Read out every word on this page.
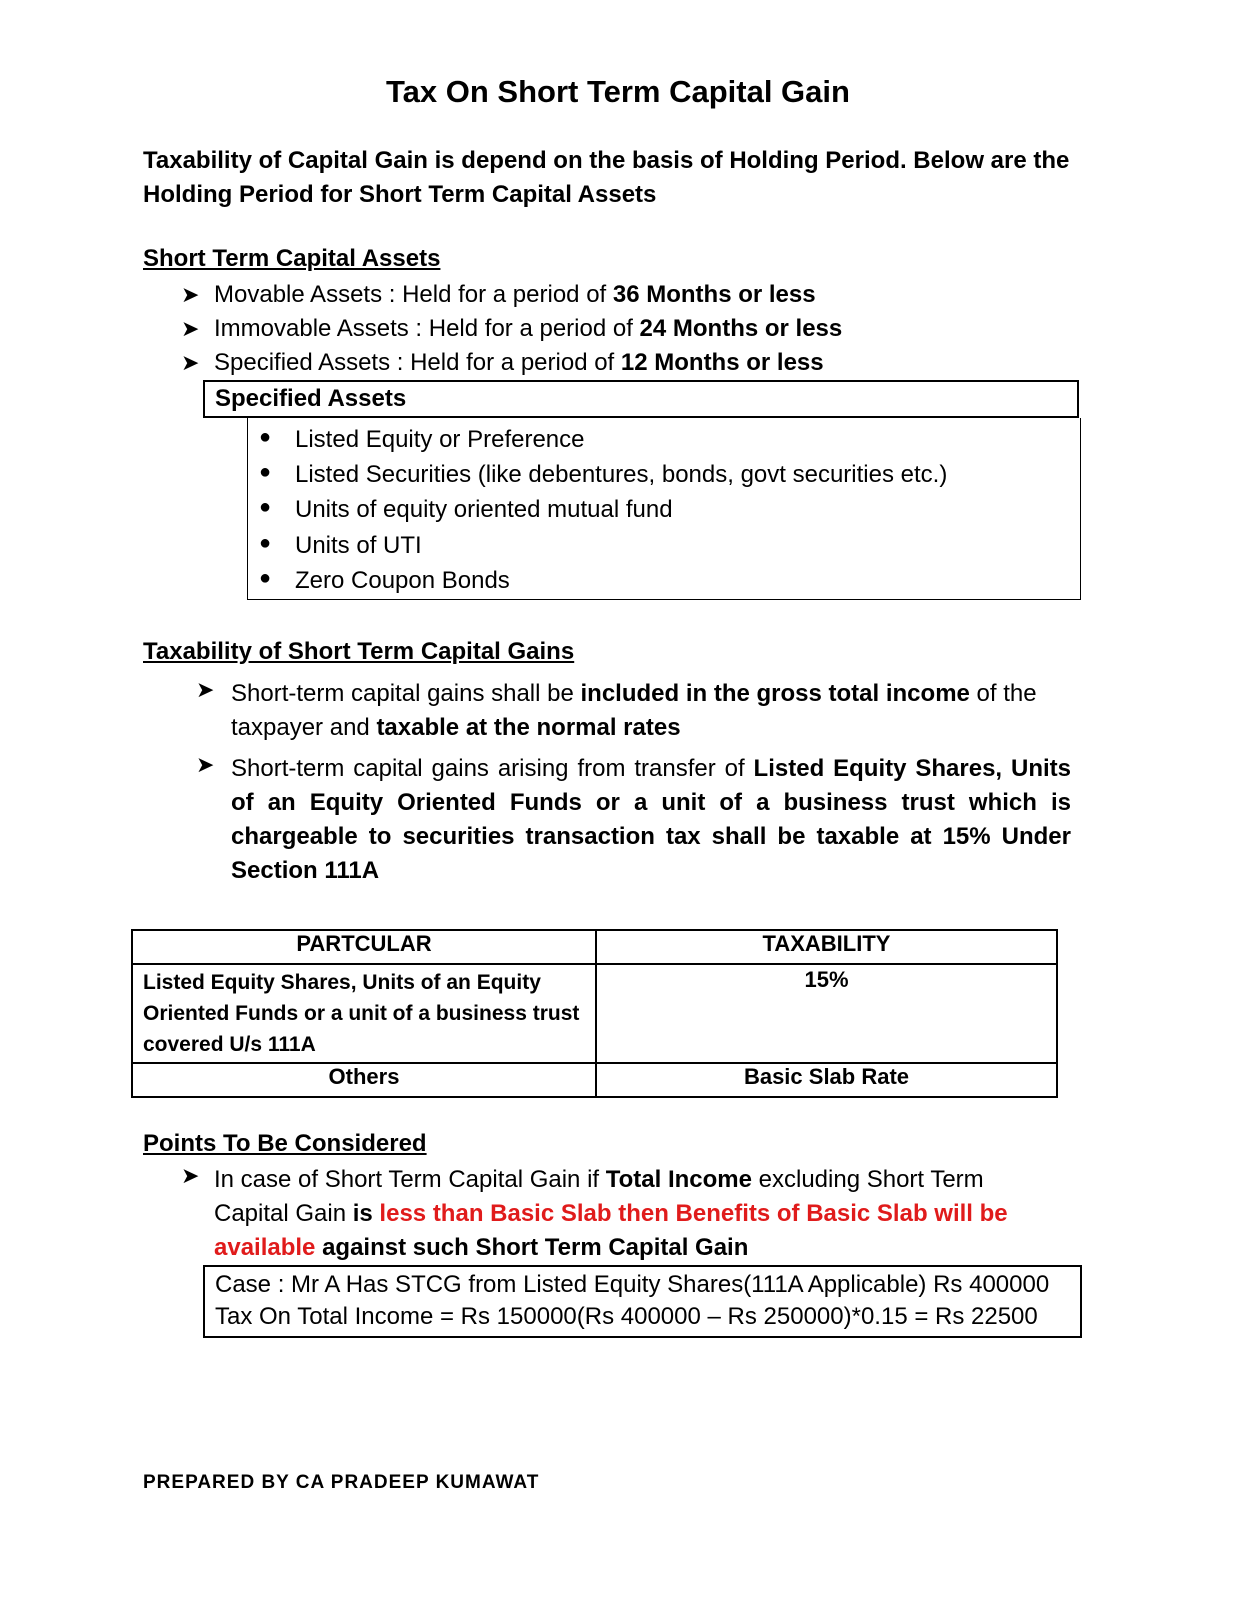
Tax On Short Term Capital Gain
Taxability of Capital Gain is depend on the basis of Holding Period. Below are the Holding Period for Short Term Capital Assets
Short Term Capital Assets
➤ Movable Assets : Held for a period of 36 Months or less
➤ Immovable Assets : Held for a period of 24 Months or less
➤ Specified Assets : Held for a period of 12 Months or less
Specified Assets
● Listed Equity or Preference
● Listed Securities (like debentures, bonds, govt securities etc.)
● Units of equity oriented mutual fund
● Units of UTI
● Zero Coupon Bonds
Taxability of Short Term Capital Gains
➤ Short-term capital gains shall be included in the gross total income of the taxpayer and taxable at the normal rates
➤ Short-term capital gains arising from transfer of Listed Equity Shares, Units of an Equity Oriented Funds or a unit of a business trust which is chargeable to securities transaction tax shall be taxable at 15% Under Section 111A
PARTCULAR	TAXABILITY
Listed Equity Shares, Units of an Equity Oriented Funds or a unit of a business trust covered U/s 111A	15%
Others	Basic Slab Rate
Points To Be Considered
➤ In case of Short Term Capital Gain if Total Income excluding Short Term Capital Gain is less than Basic Slab then Benefits of Basic Slab will be available against such Short Term Capital Gain
Case : Mr A Has STCG from Listed Equity Shares(111A Applicable) Rs 400000
Tax On Total Income = Rs 150000(Rs 400000 – Rs 250000)*0.15 = Rs 22500
PREPARED BY CA PRADEEP KUMAWAT
